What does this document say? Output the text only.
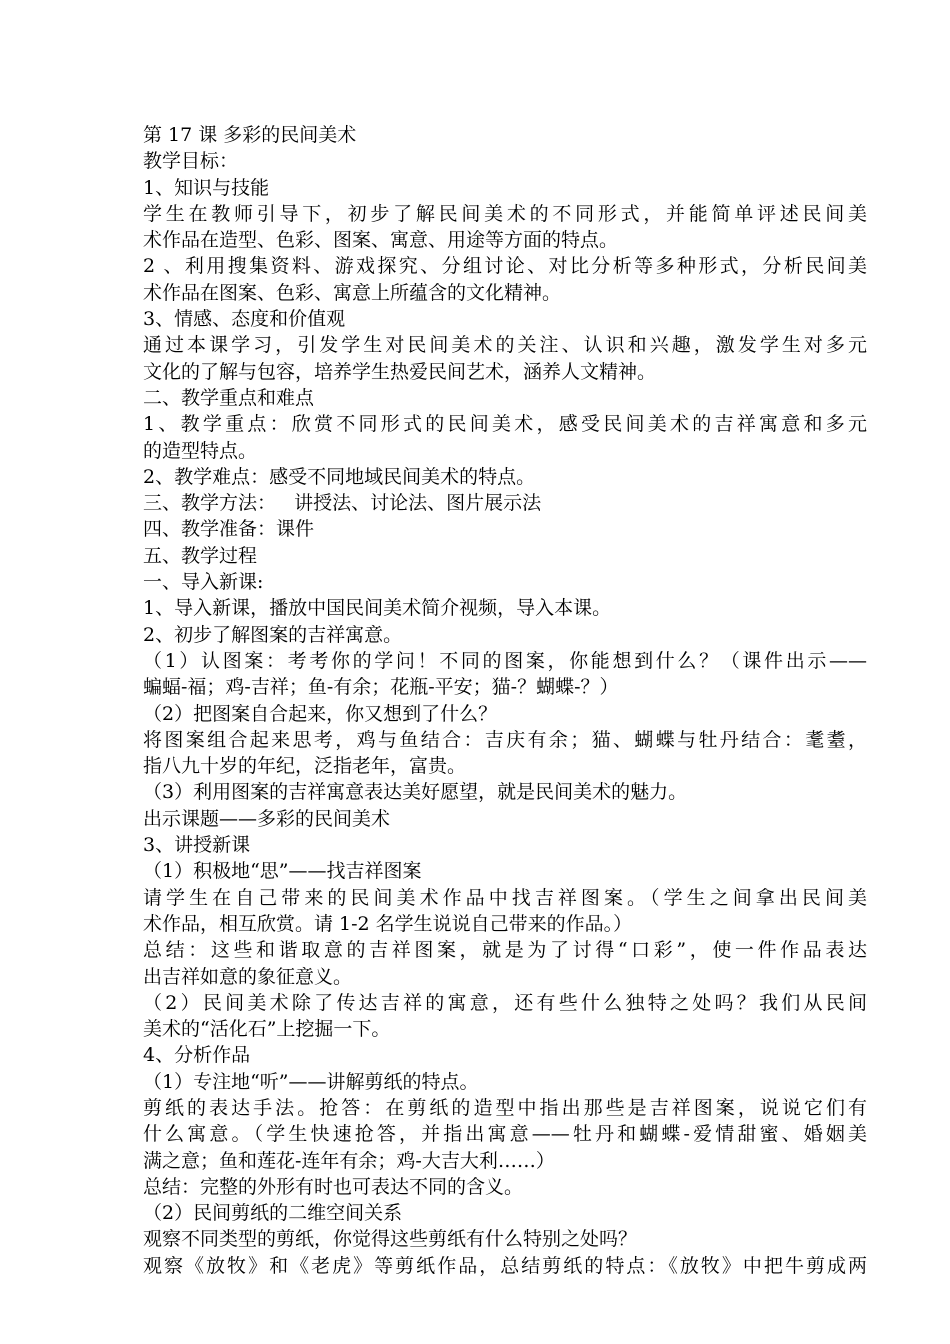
第 17 课 多彩的民间美术
教学目标：
1、知识与技能
学生在教师引导下，初步了解民间美术的不同形式，并能简单评述民间美
术作品在造型、色彩、图案、寓意、用途等方面的特点。
2 、利用搜集资料、游戏探究、分组讨论、对比分析等多种形式，分析民间美
术作品在图案、色彩、寓意上所蕴含的文化精神。
3、情感、态度和价值观
通过本课学习，引发学生对民间美术的关注、认识和兴趣，激发学生对多元
文化的了解与包容，培养学生热爱民间艺术，涵养人文精神。
二、教学重点和难点
1、教学重点：欣赏不同形式的民间美术，感受民间美术的吉祥寓意和多元
的造型特点。
2、教学难点：感受不同地域民间美术的特点。
三、教学方法：   讲授法、讨论法、图片展示法
四、教学准备：课件
五、教学过程
一、导入新课:
1、导入新课，播放中国民间美术简介视频，导入本课。
2、初步了解图案的吉祥寓意。
（1）认图案：考考你的学问！不同的图案，你能想到什么？（课件出示——
蝙蝠-福；鸡-吉祥；鱼-有余；花瓶-平安；猫-？蝴蝶-？）
（2）把图案自合起来，你又想到了什么？
将图案组合起来思考，鸡与鱼结合：吉庆有余；猫、蝴蝶与牡丹结合：耄耋，
指八九十岁的年纪，泛指老年，富贵。
（3）利用图案的吉祥寓意表达美好愿望，就是民间美术的魅力。
出示课题——多彩的民间美术
3、讲授新课
（1）积极地“思”——找吉祥图案
请学生在自己带来的民间美术作品中找吉祥图案。（学生之间拿出民间美
术作品，相互欣赏。请 1-2 名学生说说自己带来的作品。）
总结：这些和谐取意的吉祥图案，就是为了讨得“口彩”，使一件作品表达
出吉祥如意的象征意义。
（2）民间美术除了传达吉祥的寓意，还有些什么独特之处吗？我们从民间
美术的“活化石”上挖掘一下。
4、分析作品
（1）专注地“听”——讲解剪纸的特点。
剪纸的表达手法。抢答：在剪纸的造型中指出那些是吉祥图案，说说它们有
什么寓意。（学生快速抢答，并指出寓意——牡丹和蝴蝶-爱情甜蜜、婚姻美
满之意；鱼和莲花-连年有余；鸡-大吉大利……）
总结：完整的外形有时也可表达不同的含义。
（2）民间剪纸的二维空间关系
观察不同类型的剪纸，你觉得这些剪纸有什么特别之处吗？
观察《放牧》和《老虎》等剪纸作品，总结剪纸的特点：《放牧》中把牛剪成两
